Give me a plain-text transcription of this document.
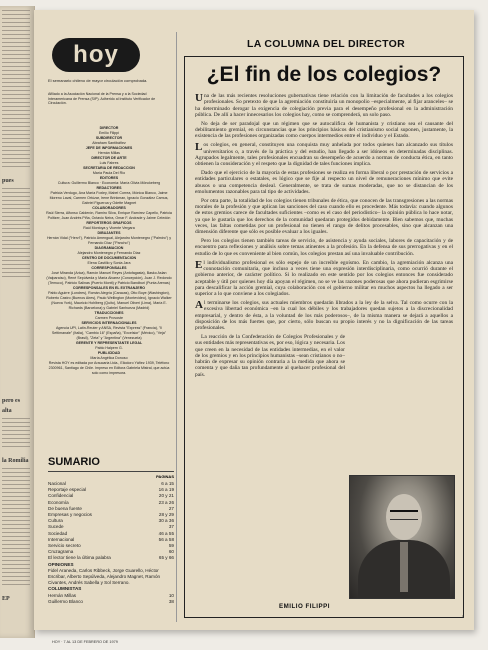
pues
pero es
alta
la Romilia
EP
hoy
El semanario chileno de mayor circulación comprobada.
Afiliado a la Asociación Nacional de la Prensa y a la Sociedad Interamericana de Prensa (SIP). Adherido al Instituto Verificador de Circulación.
DIRECTOR
Emilio Filippi
SUBDIRECTOR
Abraham Santibáñez
JEFE DE INFORMACIONES
Hernán Millas
DIRECTOR DE ARTE
Luis Fabres
SECRETARIA DE REDACCION
María Paula Del Río
EDITORES
Cultura: Guillermo Blanco · Economía: María Olivia Mönckeberg
REDACTORES
Patricia Verdugo, Ana María Foxley, Mabel Correa, Mónica Blanco, Jaime Moreno Laval, Carmen Ortúzar, Irene Brinkman, Ignacio González Camus, Gabriel Figueroa y Odette Magnet
COLABORADORES
Raúl Sierra, Alfonso Calderón, Ramiro Silva, Enrique Ramírez Capello, Patricia Politzer, Juan Andrés Piña, Octavio Neira, Omar F. Andrade y Jaime Celedón
REPORTEROS GRAFICOS
Raúl Montoya y Vicente Vergara
DIBUJANTES
Hernán Vidal ("Hervi"), Patricio Amengual, Alejandro Montenegro ("Palmiro") y Fernando Díaz ("Pancho")
DIAGRAMACION
Alejandro Montenegro y Fernando Díaz
CENTRO DE DOCUMENTACION
Elena Castillo y Sonia Jara
CORRESPONSALES
José Miranda (Arica), Ramón Manuel Reyes (Antofagasta), Basko Aslan (Valparaíso), René Sepúlveda y María Alvarez (Concepción), Juan J. Redondo (Temuco), Patricio Salinas (Puerto Montt) y Patricio Bandburi (Punta Arenas)
CORRESPONSALES EN EL EXTRANJERO
Pablo Aguirre (Londres), Román Alegría (Caracas), Otto Boye (Washington), Roberto Castro (Buenos Aires), Paulo Wellington (Montevideo), Ignacio Walker (Nueva York), Mauricio Hohlberg (Quito), Manuel Oliveri (Lima), María E. Richards (Barcelona) y Gabriel Sanhueza (Madrid)
TRADUCCIONES
Carmen Provoste
SERVICIOS INTERNACIONALES
Agencia UPI, Latin-Reuter y ANSA, Revista "Express" (Francia), "Il Settimanale" (Italia), "Cambio 16" (España), "Excelsior" (México), "Veja" (Brasil), "Zeta" y "Argentina" (Venezuela)
GERENTE Y REPRESENTANTE LEGAL
Pablo Halpern G.
PUBLICIDAD
María Angélica Donoso
Revista HOY es editada por Araucaria Ltda., Eliodoro Yáñez 1939, Teléfono 2300961, Santiago de Chile. Impreso en Editora Gabriela Mistral, que actúa solo como impresora.
SUMARIO
PAGINAS
Nacional	6 a 15
Reportaje especial	16 a 19
Confidencial	20 y 21
Economía	23 a 26
De buena fuente	27
Empresas y negocios	28 y 29
Cultura	30 a 36
Sucede	37
Sociedad	46 a 55
Internacional	56 a 58
Servicio secreto	59
Cruzagrama	60
El lector tiene la última palabra	65 y 66
OPINIONES
Fidel Araneda, Carlos Ribbeck, Jorge Guarello, Héctor Escribar, Alberto Sepúlveda, Alejandro Magnet, Ramón Civantes, Andrés Sabella y Sol Serrano.
COLUMNISTAS
Hernán Millas	10
Guillermo Blanco	38
HOY · 7 AL 13 DE FEBRERO DE 1979
LA COLUMNA DEL DIRECTOR
¿El fin de los colegios?

Una de las más recientes resoluciones gubernativas tiene relación con la limitación de facultades a los colegios profesionales. So pretexto de que la agremiación constituiría un monopolio –especialmente, al fijar aranceles– se ha determinado derogar la exigencia de colegiación previa para el desempeño profesional en la administración pública. De allí a hacer innecesarios los colegios hay, como se comprenderá, un solo paso.

No deja de ser paradojal que un régimen que se autocalifica de humanista y cristiano sea el causante del debilitamiento gremial, en circunstancias que los principios básicos del cristianismo social suponen, justamente, la existencia de las profesiones organizadas como cuerpos intermedios entre el individuo y el Estado.

Los colegios, en general, constituyen una conquista muy anhelada por todos quienes han alcanzado sus títulos universitarios o, a través de la práctica y del estudio, han llegado a ser idóneos en determinadas disciplinas. Agrupados legalmente, tales profesionales encuadran su desempeño de acuerdo a normas de conducta ética, en tanto obtienen la consideración y el respeto que la dignidad de tales funciones implica.

Dado que el ejercicio de la mayoría de estas profesiones se realiza en forma liberal o por prestación de servicios a entidades particulares o estatales, es lógico que se fije al respecto un nivel de remuneraciones mínimo que evite abusos o una competencia desleal. Generalmente, se trata de sumas moderadas, que no se distancian de los emolumentos razonables para tal tipo de actividades.

Por otra parte, la totalidad de los colegios tienen tribunales de ética, que conocen de las transgresiones a las normas morales de la profesión y que aplican las sanciones del caso cuando ello es procedente. Más todavía: cuando algunos de estos gremios carece de facultades suficientes –como es el caso del periodístico– la opinión pública lo hace notar, ya que le gustaría que los derechos de la comunidad quedaran protegidos debidamente. Bien sabemos que, muchas veces, las faltas cometidas por un profesional no tienen el rango de delitos procesables, sino que alcanzan una dimensión diferente que sólo es posible evaluar a los iguales.

Pero los colegios tienen también tareas de servicio, de asistencia y ayuda sociales, labores de capacitación y de encuentro para reflexiones y análisis sobre temas atinentes a la profesión. En la defensa de sus prerrogativas y en el estudio de lo que es conveniente al bien común, los colegios prestan así una invaluable contribución.

El individualismo profesional es sólo espejo de un increíble egoísmo. En cambio, la agremiación alcanza una connotación comunitaria, que incluso a veces tiene una expresión interdisciplinaria, como ocurrió durante el gobierno anterior, de carácter político. Si lo realizado en este sentido por los colegios entonces fue considerado aceptable y útil por quienes hoy día apoyan el régimen, no se ve las razones poderosas que ahora pudieran esgrimirse para descalificar la acción gremial, cuya colaboración con el gobierno militar en muchos aspectos ha llegado a ser superior a lo que conviene a los colegiados.

Al terminarse los colegios, sus actuales miembros quedarán librados a la ley de la selva. Tal como ocurre con la excesiva libertad económica –en la cual los débiles y los trabajadores quedan sujetos a la discrecionalidad empresarial, y dentro de ésta, a la voluntad de los más poderosos–, de la misma manera se dejará a aquellos a disposición de los más fuertes que, por cierto, sólo buscan su propio interés y no la dignificación de las tareas profesionales.

La reacción de la Confederación de Colegios Profesionales y de sus entidades más representativas es, por eso, lógica y necesaria. Los que creen en la necesidad de las entidades intermedias, en el valor de los gremios y en los principios humanistas –sean cristianos o no– habrán de expresar su opinión contraria a la medida que ahora se comenta y que daña tan profundamente al quehacer profesional del país.

EMILIO FILIPPI
5
